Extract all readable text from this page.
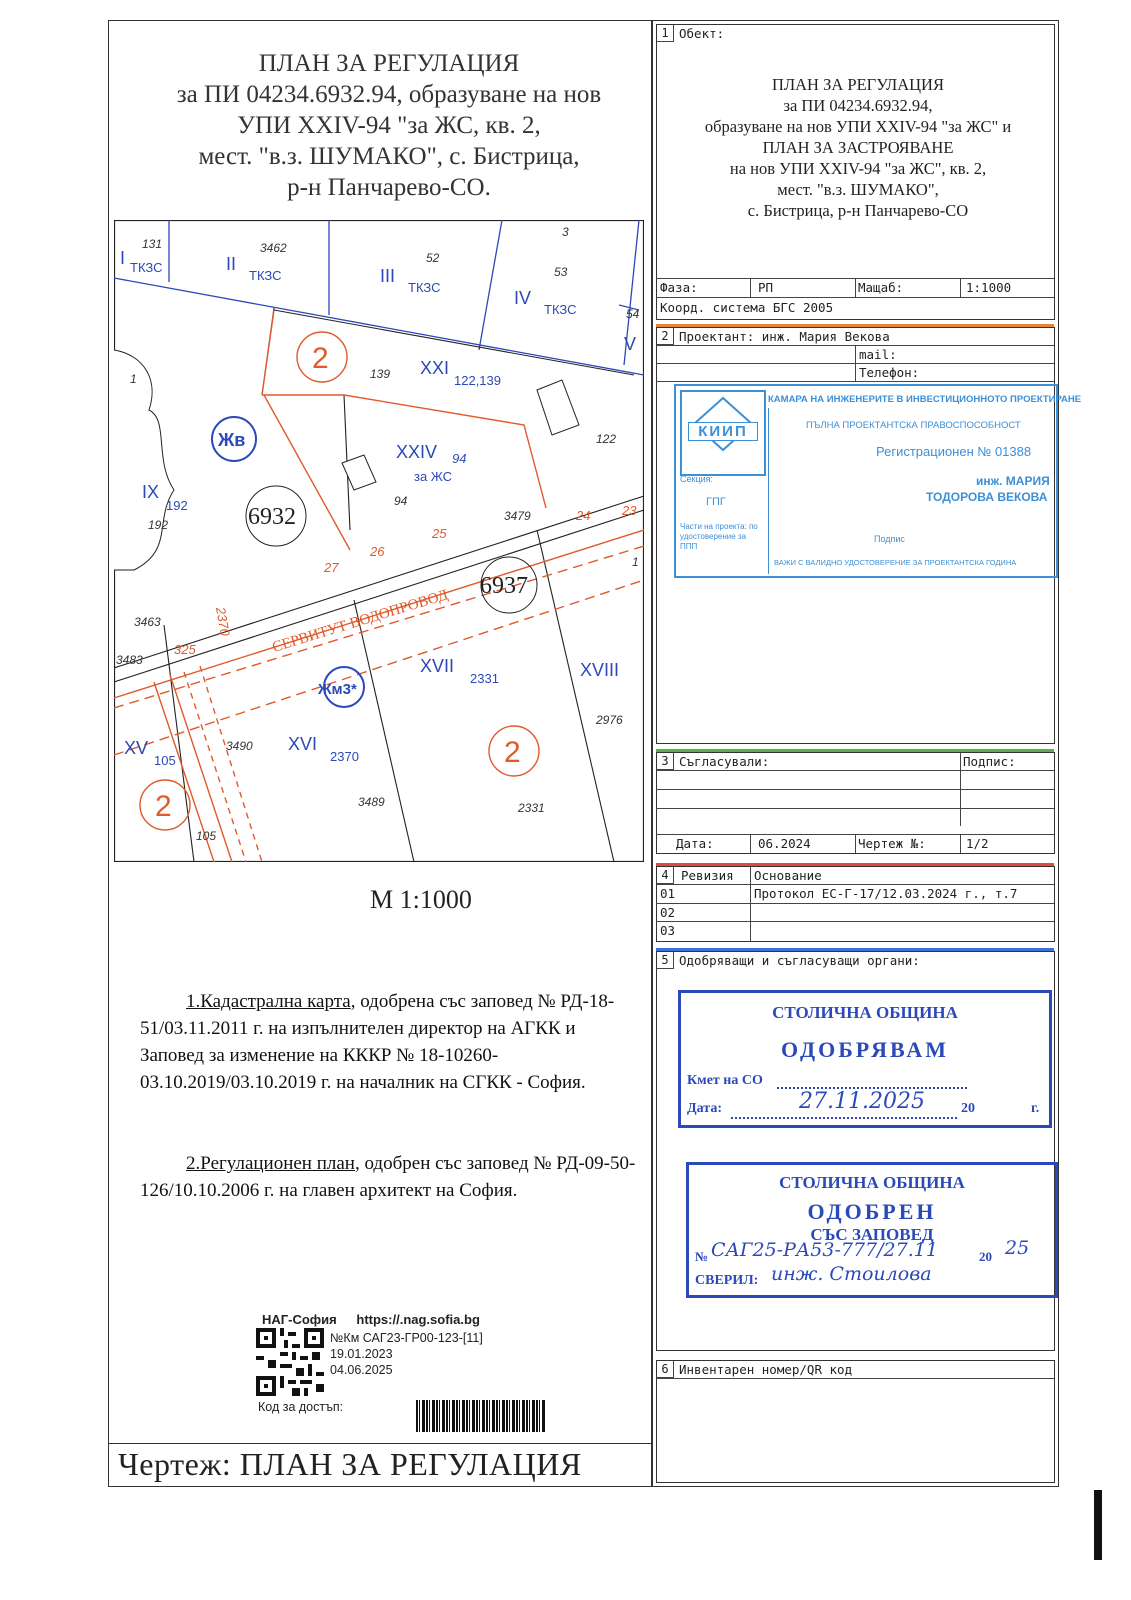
ПЛАН ЗА РЕГУЛАЦИЯ
за ПИ 04234.6932.94, образуване на нов
УПИ XXIV-94 "за ЖС, кв. 2,
мест. "в.з. ШУМАКО", с. Бистрица,
р-н Панчарево-СО.
I ТКЗС	II
ТКЗС	III
ТКЗС
IV
ТКЗС
V
IX
192
XXI
122,139
XXIV 94
за ЖС
XV
105
XVI
2370
XVII
2331	XVIII
Жв
Жм3*
131	3462
52
53
3
54
139
1
122
192
94
3479
3463
3483
3490
3489	2331
2976
105
1
24 23
25
26
27
325
2370
2
2
2
СЕРВИТУТ ВОДОПРОВОД
6932
6937
М 1:1000
1.Кадастрална карта, одобрена със заповед № РД-18-51/03.11.2011 г. на изпълнителен директор на АГКК и Заповед за изменение на КККР № 18-10260-03.10.2019/03.10.2019 г. на началник на СГКК - София.
2.Регулационен план, одобрен със заповед № РД-09-50-126/10.10.2006 г. на главен архитект на София.
НАГ-София https://.nag.sofia.bg
№Км САГ23-ГР00-123-[11]
19.01.2023
04.06.2025
Код за достъп:
Чертеж: ПЛАН ЗА РЕГУЛАЦИЯ
1 Обект:
ПЛАН ЗА РЕГУЛАЦИЯ
за ПИ 04234.6932.94,
образуване на нов УПИ XXIV-94 "за ЖС" и
ПЛАН ЗА ЗАСТРОЯВАНЕ
на нов УПИ XXIV-94 "за ЖС", кв. 2,
мест. "в.з. ШУМАКО",
с. Бистрица, р-н Панчарево-СО
Фаза:	РП	Мащаб:	1:1000
Коорд. система БГС 2005
2 Проектант: инж. Мария Векова
mail:
Телефон:
КИИП
КАМАРА НА ИНЖЕНЕРИТЕ В ИНВЕСТИЦИОННОТО ПРОЕКТИРАНЕ
ПЪЛНА ПРОЕКТАНТСКА ПРАВОСПОСОБНОСТ
Регистрационен № 01388
инж. МАРИЯ
ТОДОРОВА ВЕКОВА
Секция:
ГПГ
Части на проекта: по удостоверение за ППП
Подпис
ВАЖИ С ВАЛИДНО УДОСТОВЕРЕНИЕ ЗА ПРОЕКТАНТСКА ГОДИНА
3 Съгласували:	Подпис:
Дата:	06.2024	Чертеж №:	1/2
4 Ревизия Основание
01	Протокол ЕС-Г-17/12.03.2024 г., т.7
02
03
5 Одобряващи и съгласуващи органи:
СТОЛИЧНА ОБЩИНА
ОДОБРЯВАМ
Кмет на СО
Дата:	27.11.2025	20	г.
СТОЛИЧНА ОБЩИНА
ОДОБРЕН
СЪС ЗАПОВЕД
№ САГ25-РА53-777/27.11	20 25
СВЕРИЛ: инж. Стоилова
6 Инвентарен номер/QR код
